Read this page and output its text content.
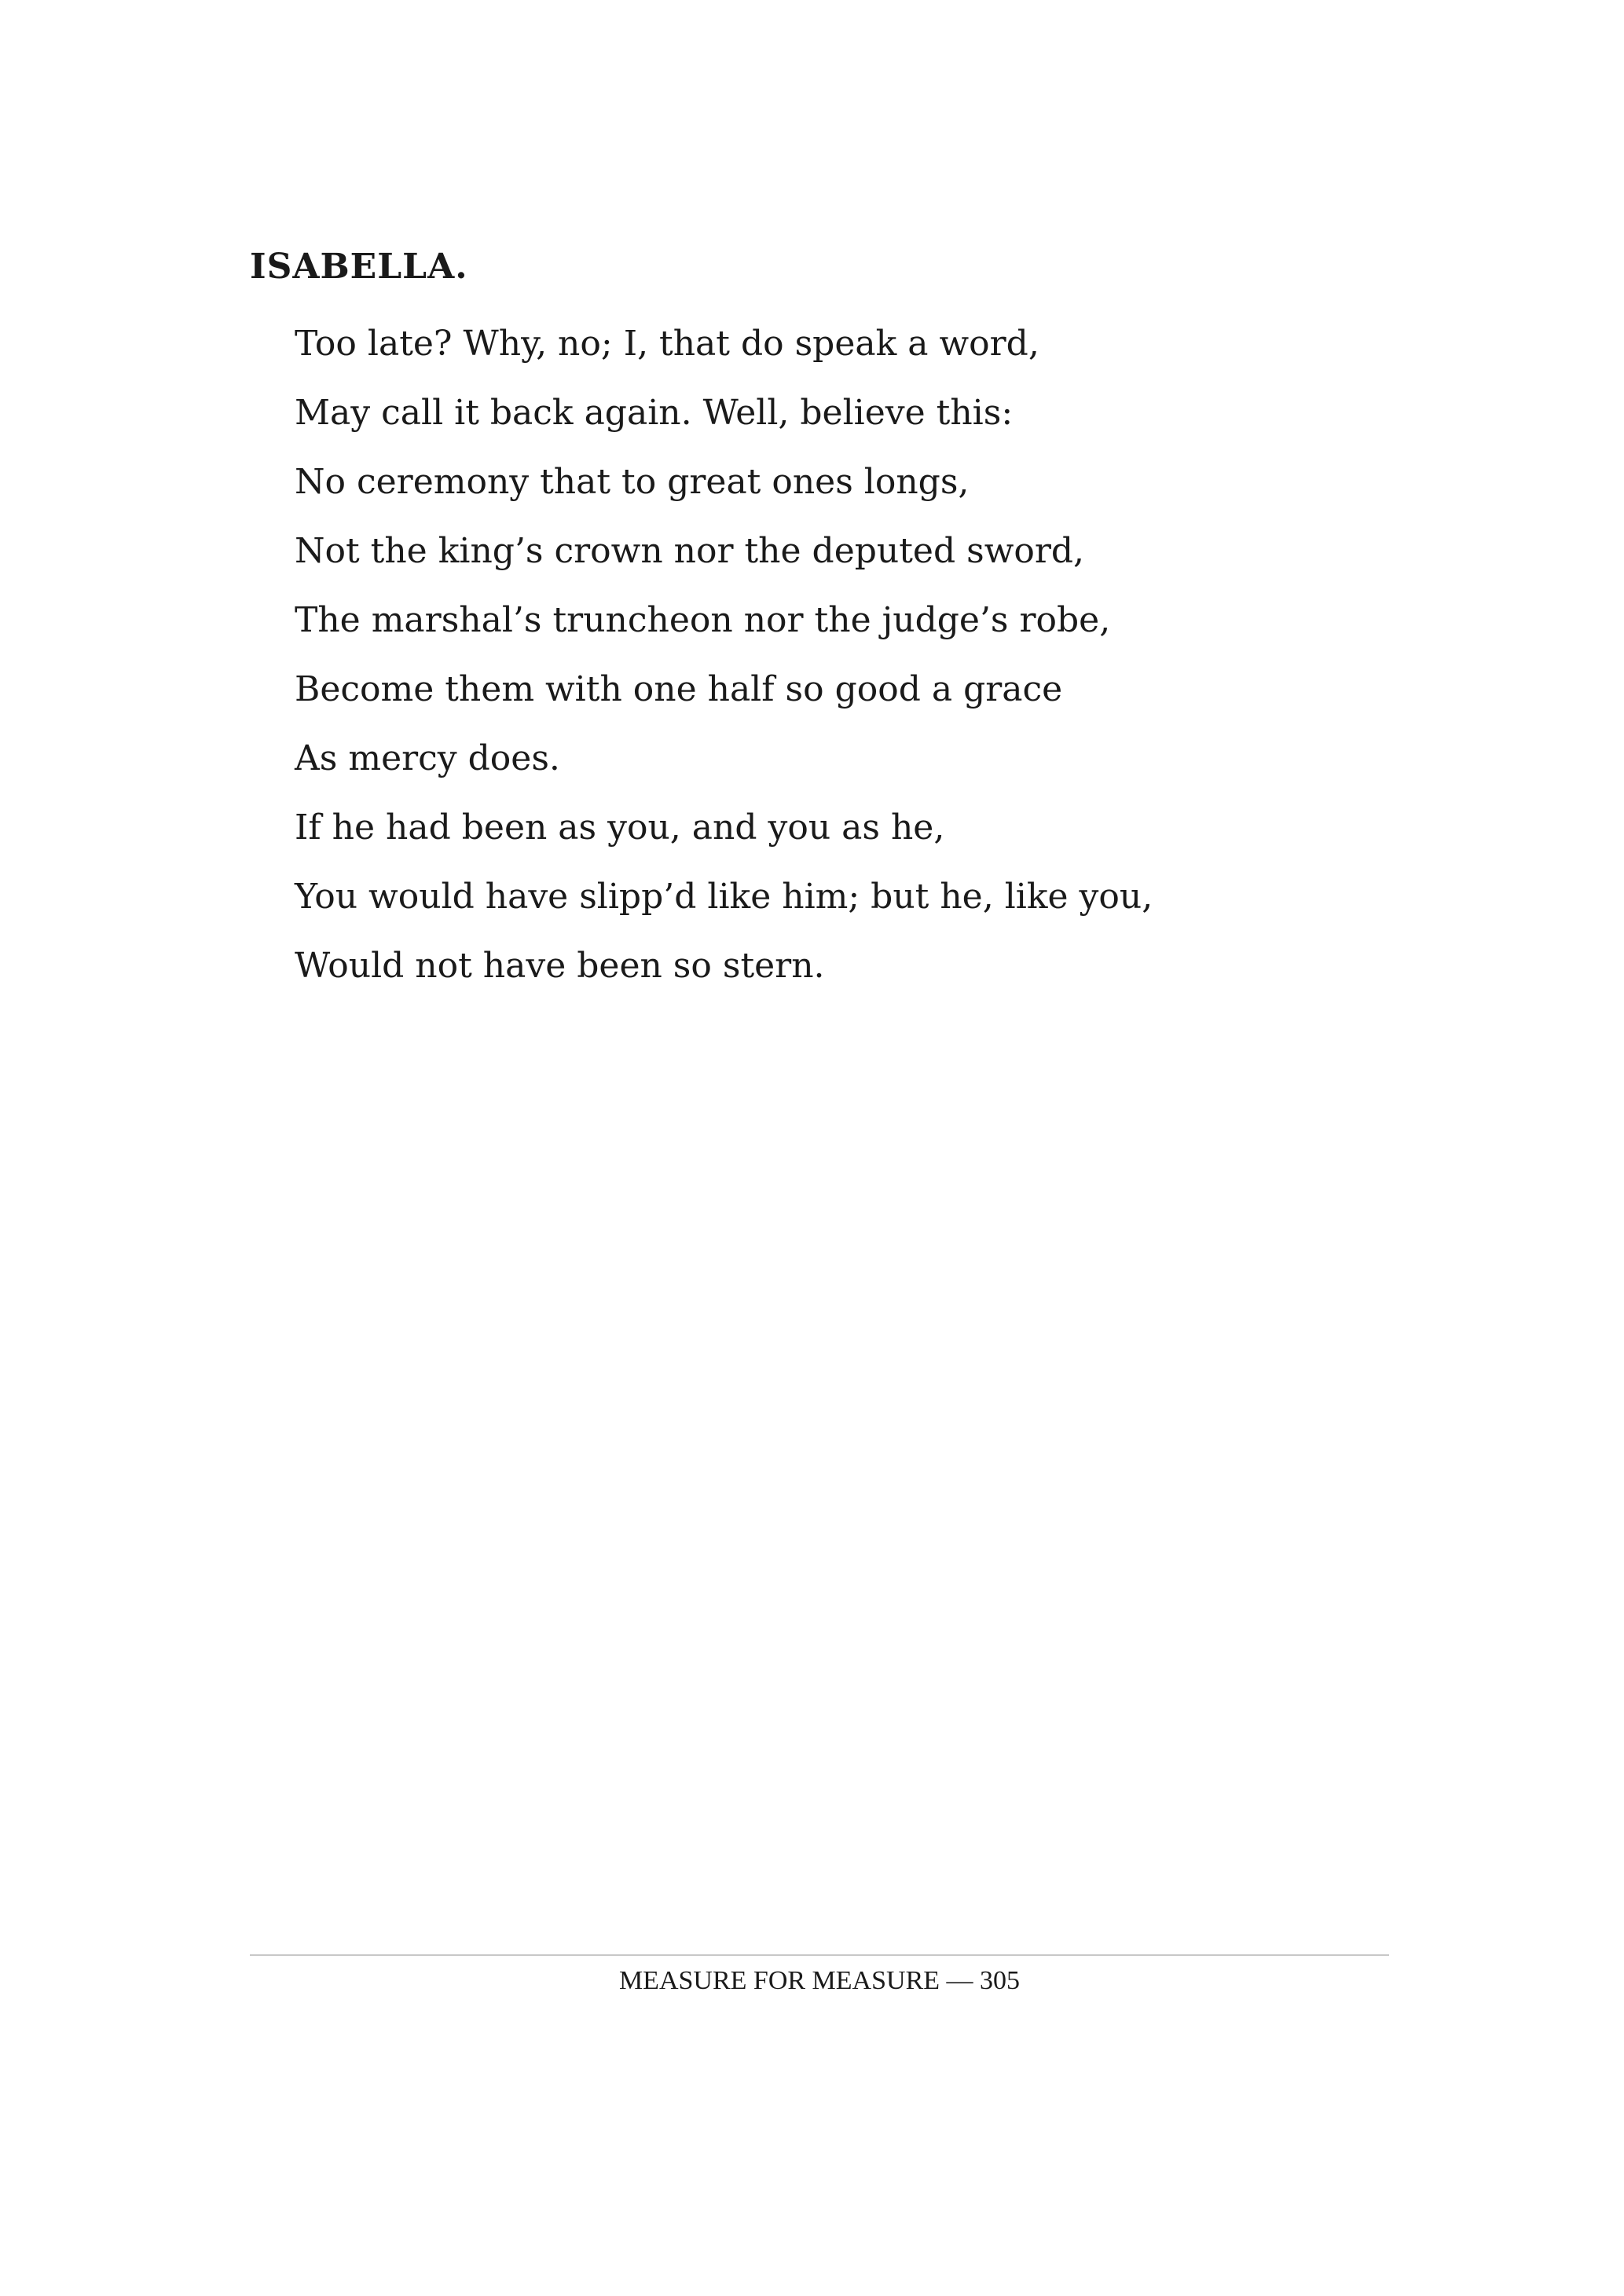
ISABELLA.
Too late? Why, no; I, that do speak a word,
May call it back again. Well, believe this:
No ceremony that to great ones longs,
Not the king’s crown nor the deputed sword,
The marshal’s truncheon nor the judge’s robe,
Become them with one half so good a grace
As mercy does.
If he had been as you, and you as he,
You would have slipp’d like him; but he, like you,
Would not have been so stern.
MEASURE FOR MEASURE — 305
